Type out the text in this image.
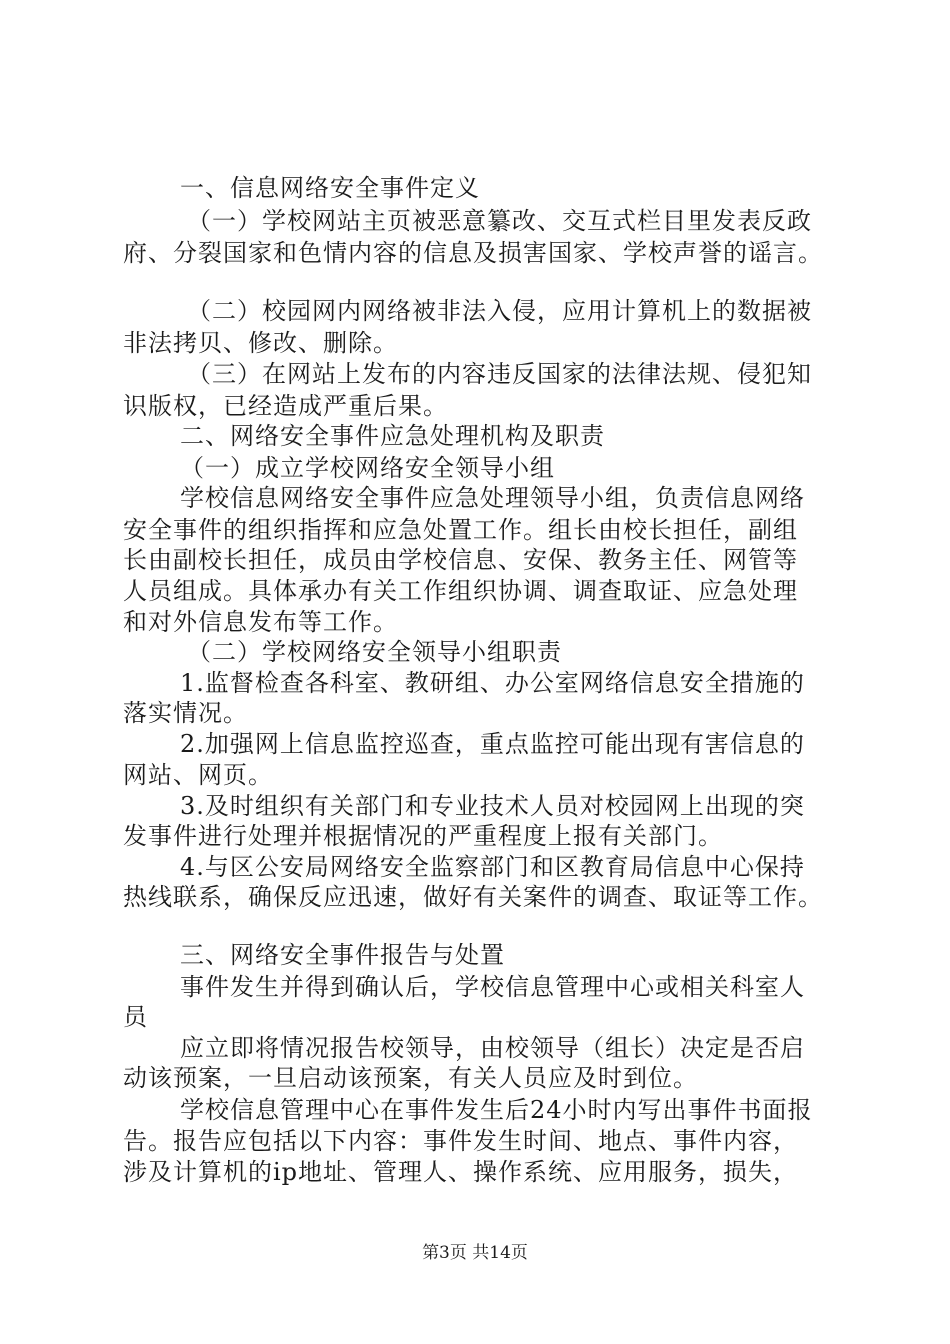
一、信息网络安全事件定义

（一）学校网站主页被恶意纂改、交互式栏目里发表反政

府、分裂国家和色情内容的信息及损害国家、学校声誉的谣言。

（二）校园网内网络被非法入侵，应用计算机上的数据被

非法拷贝、修改、删除。

（三）在网站上发布的内容违反国家的法律法规、侵犯知

识版权，已经造成严重后果。

二、网络安全事件应急处理机构及职责

（一）成立学校网络安全领导小组

学校信息网络安全事件应急处理领导小组，负责信息网络

安全事件的组织指挥和应急处置工作。组长由校长担任，副组

长由副校长担任，成员由学校信息、安保、教务主任、网管等

人员组成。具体承办有关工作组织协调、调查取证、应急处理

和对外信息发布等工作。

（二）学校网络安全领导小组职责

1.监督检查各科室、教研组、办公室网络信息安全措施的

落实情况。

2.加强网上信息监控巡查，重点监控可能出现有害信息的

网站、网页。

3.及时组织有关部门和专业技术人员对校园网上出现的突

发事件进行处理并根据情况的严重程度上报有关部门。

4.与区公安局网络安全监察部门和区教育局信息中心保持

热线联系，确保反应迅速，做好有关案件的调查、取证等工作。

三、网络安全事件报告与处置

事件发生并得到确认后，学校信息管理中心或相关科室人

员

应立即将情况报告校领导，由校领导（组长）决定是否启

动该预案，一旦启动该预案，有关人员应及时到位。

学校信息管理中心在事件发生后24小时内写出事件书面报

告。报告应包括以下内容：事件发生时间、地点、事件内容，

涉及计算机的ip地址、管理人、操作系统、应用服务，损失，

第3页 共14页
